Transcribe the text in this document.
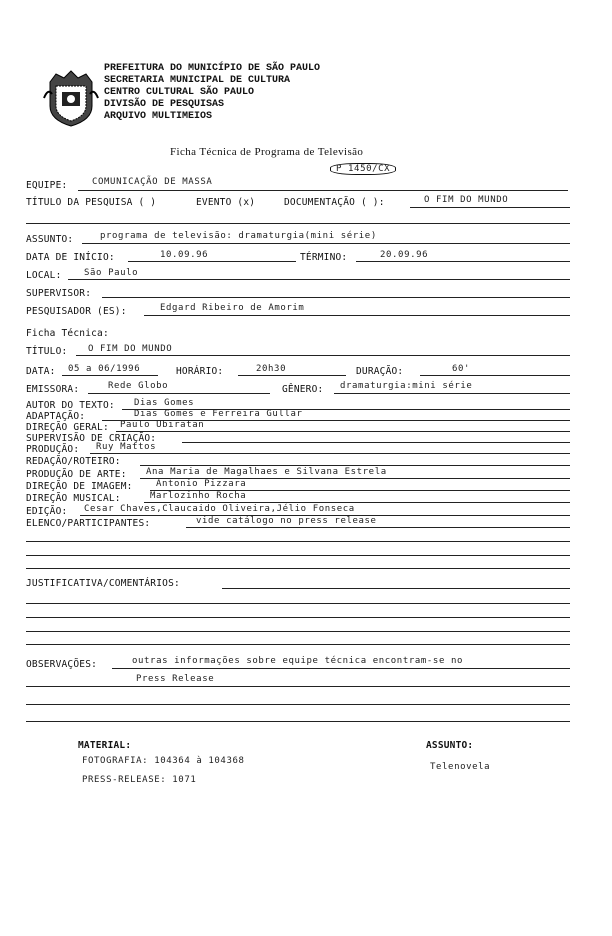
PREFEITURA DO MUNICÍPIO DE SÃO PAULO
SECRETARIA MUNICIPAL DE CULTURA
CENTRO CULTURAL SÃO PAULO
DIVISÃO DE PESQUISAS
ARQUIVO MULTIMEIOS
Ficha Técnica de Programa de Televisão
P 1450/CX
EQUIPE:	COMUNICAÇÃO DE MASSA
TÍTULO DA PESQUISA ( )	EVENTO (x)	DOCUMENTAÇÃO ( ):	O FIM DO MUNDO
ASSUNTO:	programa de televisão: dramaturgia(mini série)
DATA DE INÍCIO:	10.09.96	TÉRMINO:	20.09.96
LOCAL: São Paulo
SUPERVISOR:
PESQUISADOR (ES):	Edgard Ribeiro de Amorim
Ficha Técnica:
TÍTULO: O FIM DO MUNDO
DATA: 05 a 06/1996	HORÁRIO:	20h30	DURAÇÃO:	60'
EMISSORA:	Rede Globo	GÊNERO: dramaturgia:mini série
AUTOR DO TEXTO: Dias Gomes
ADAPTAÇÃO:	Dias Gomes e Ferreira Gullar
DIREÇÃO GERAL: Paulo Ubiratan
SUPERVISÃO DE CRIAÇÃO:
PRODUÇÃO: Ruy Mattos
REDAÇÃO/ROTEIRO:
PRODUÇÃO DE ARTE: Ana Maria de Magalhaes e Silvana Estrela
DIREÇÃO DE IMAGEM:	Antonio Pizzara
DIREÇÃO MUSICAL:	Marlozinho Rocha
EDIÇÃO: Cesar Chaves,Claucaido Oliveira,Jélio Fonseca
ELENCO/PARTICIPANTES:	vide catálogo no press release
JUSTIFICATIVA/COMENTÁRIOS:
OBSERVAÇÕES:	outras informações sobre equipe técnica encontram-se no
Press Release
MATERIAL:
FOTOGRAFIA: 104364 à 104368
PRESS-RELEASE: 1071
ASSUNTO:
Telenovela
